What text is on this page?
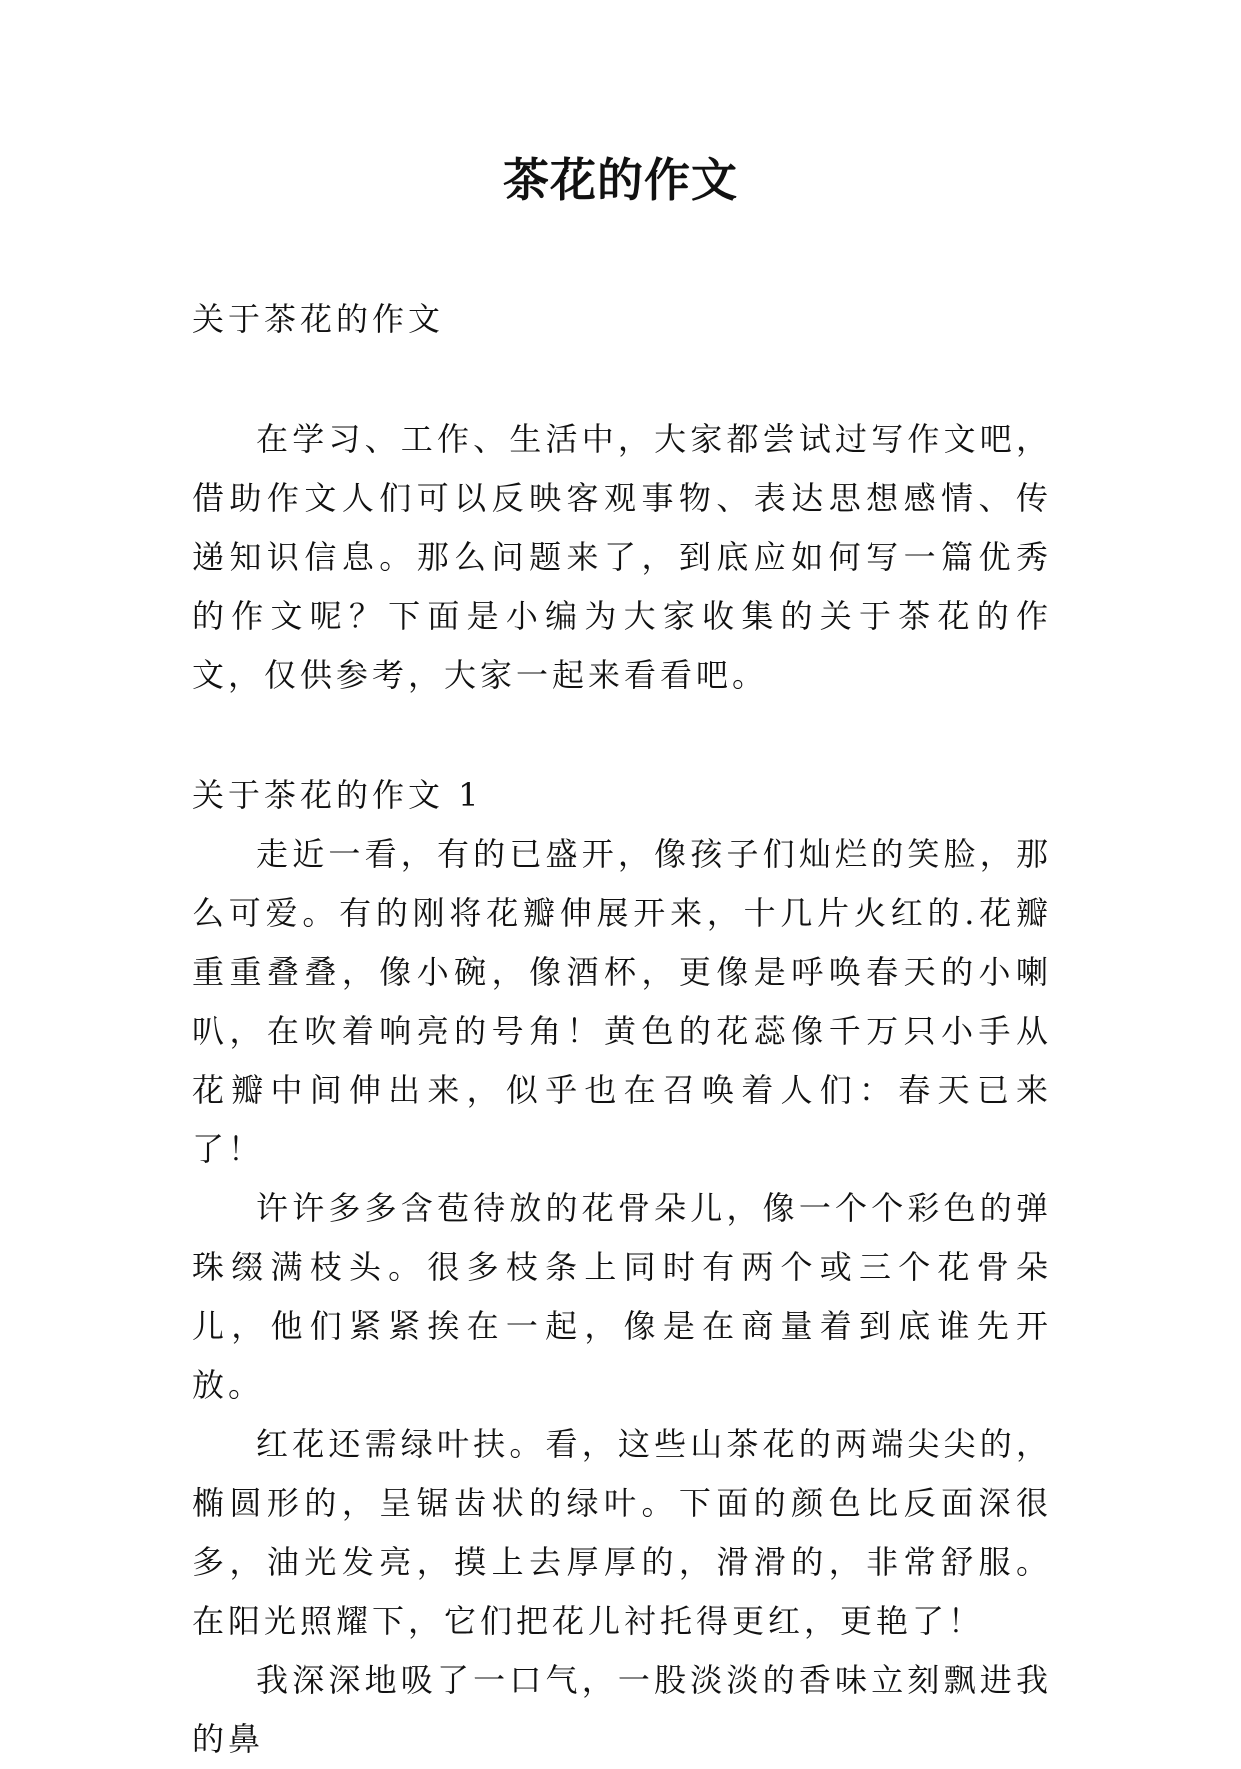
茶花的作文

关于茶花的作文

在学习、工作、生活中，大家都尝试过写作文吧，借助作文人们可以反映客观事物、表达思想感情、传递知识信息。那么问题来了，到底应如何写一篇优秀的作文呢？下面是小编为大家收集的关于茶花的作文，仅供参考，大家一起来看看吧。

关于茶花的作文 1

走近一看，有的已盛开，像孩子们灿烂的笑脸，那么可爱。有的刚将花瓣伸展开来，十几片火红的.花瓣重重叠叠，像小碗，像酒杯，更像是呼唤春天的小喇叭，在吹着响亮的号角！黄色的花蕊像千万只小手从花瓣中间伸出来，似乎也在召唤着人们：春天已来了！

许许多多含苞待放的花骨朵儿，像一个个彩色的弹珠缀满枝头。很多枝条上同时有两个或三个花骨朵儿，他们紧紧挨在一起，像是在商量着到底谁先开放。

红花还需绿叶扶。看，这些山茶花的两端尖尖的，椭圆形的，呈锯齿状的绿叶。下面的颜色比反面深很多，油光发亮，摸上去厚厚的，滑滑的，非常舒服。在阳光照耀下，它们把花儿衬托得更红，更艳了！

我深深地吸了一口气，一股淡淡的香味立刻飘进我的鼻
